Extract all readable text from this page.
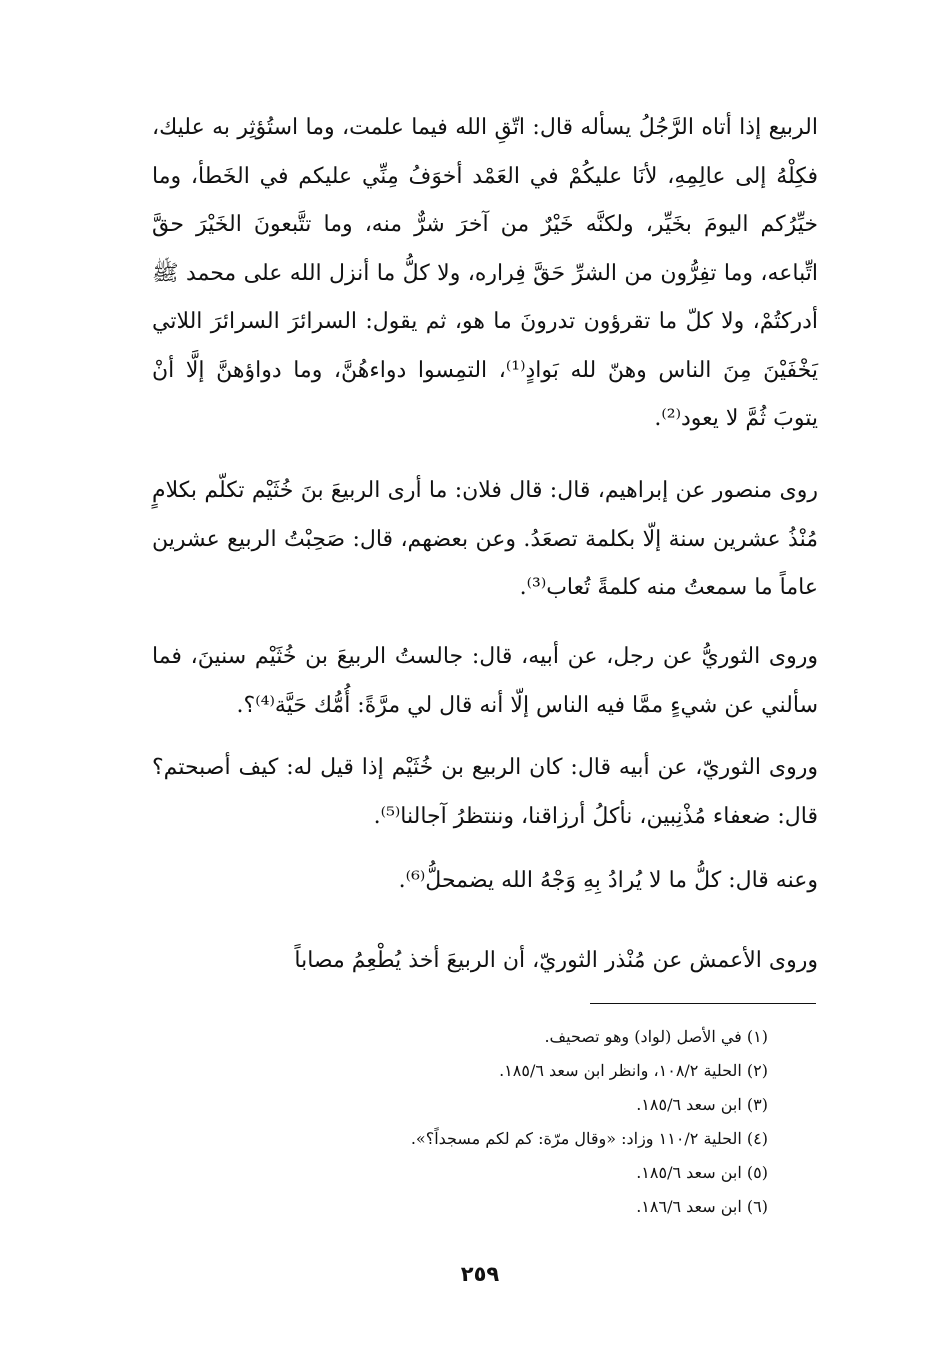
الربيع إذا أتاه الرَّجُلُ يسأله قال: اتّقِ الله فيما علمت، وما استُؤثِر به عليك، فكِلْهُ إلى عالِمِهِ، لأنَا عليكُمْ في العَمْد أخوَفُ مِنِّي عليكم في الخَطأ، وما خيِّرُكم اليومَ بخَيِّر، ولكنَّه خَيْرٌ من آخرَ شرٌّ منه، وما تتَّبعونَ الخَيْرَ حقَّ اتِّباعه، وما تفِرُّون من الشرِّ حَقَّ فِراره، ولا كلُّ ما أنزل الله على محمد ﷺ أدركتُمْ، ولا كلّ ما تقرؤون تدرونَ ما هو، ثم يقول: السرائرَ السرائرَ اللاتي يَخْفَيْنَ مِنَ الناس وهنّ لله بَوادٍ⁽¹⁾، التمِسوا دواءهُنَّ، وما دواؤهنَّ إلَّا أنْ يتوبَ ثُمَّ لا يعود⁽²⁾.

روى منصور عن إبراهيم، قال: قال فلان: ما أرى الربيعَ بنَ خُثَيْم تكلّم بكلامٍ مُنْذُ عشرين سنة إلّا بكلمة تصعَدُ. وعن بعضهم، قال: صَحِبْتُ الربيع عشرين عاماً ما سمعتُ منه كلمةً تُعاب⁽³⁾.

وروى الثوريُّ عن رجل، عن أبيه، قال: جالستُ الربيعَ بن خُثَيْم سنينَ، فما سألني عن شيءٍ ممَّا فيه الناس إلّا أنه قال لي مرَّةً: أُمُّك حَيَّة⁽⁴⁾؟.

وروى الثوريّ، عن أبيه قال: كان الربيع بن خُثَيْم إذا قيل له: كيف أصبحتم؟ قال: ضعفاء مُذْنِبين، نأكلُ أرزاقنا، وننتظرُ آجالنا⁽⁵⁾.

وعنه قال: كلُّ ما لا يُرادُ بِهِ وَجْهُ الله يضمحلُّ⁽⁶⁾.

وروى الأعمش عن مُنْذر الثوريّ، أن الربيعَ أخذ يُطْعِمُ مصاباً

(١) في الأصل (لواد) وهو تصحيف.
(٢) الحلية ١٠٨/٢، وانظر ابن سعد ١٨٥/٦.
(٣) ابن سعد ١٨٥/٦.
(٤) الحلية ١١٠/٢ وزاد: «وقال مرّة: كم لكم مسجداً؟».
(٥) ابن سعد ١٨٥/٦.
(٦) ابن سعد ١٨٦/٦.
٢٥٩
